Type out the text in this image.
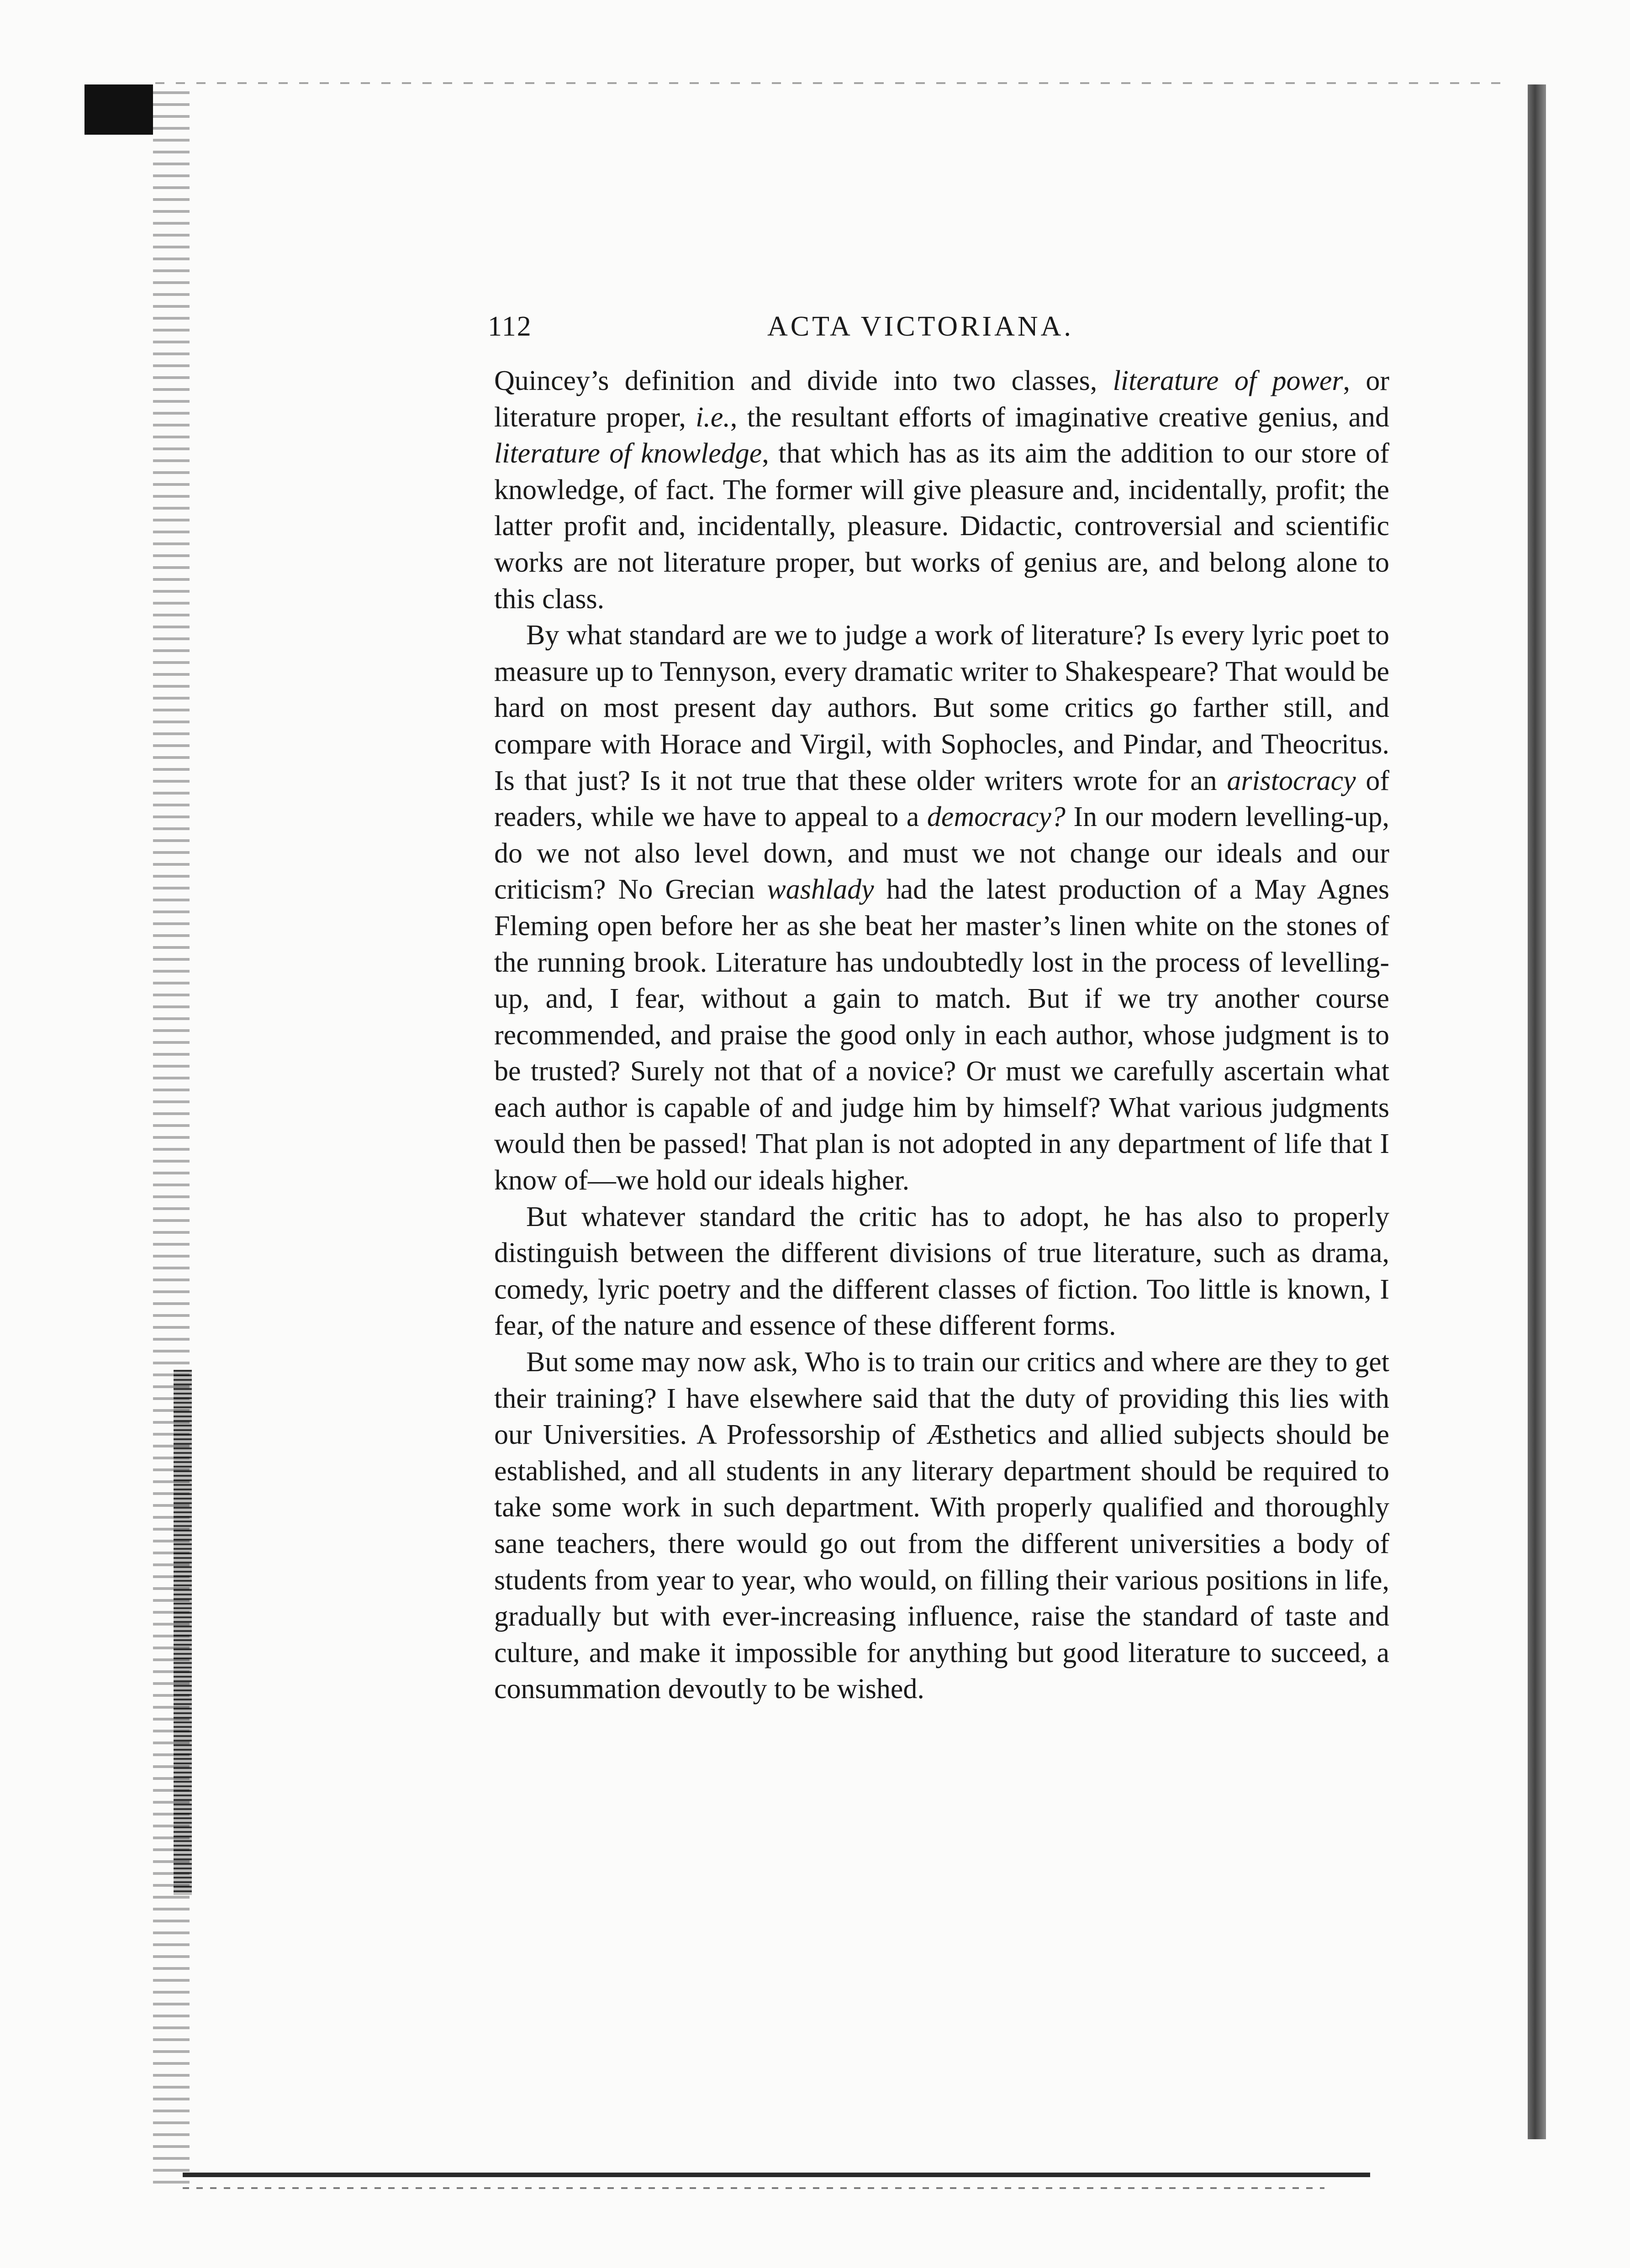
112	ACTA VICTORIANA.

Quincey’s definition and divide into two classes, literature of power, or literature proper, i.e., the resultant efforts of imaginative creative genius, and literature of knowledge, that which has as its aim the addition to our store of knowledge, of fact. The former will give pleasure and, incidentally, profit; the latter profit and, incidentally, pleasure. Didactic, controversial and scientific works are not literature proper, but works of genius are, and belong alone to this class.

By what standard are we to judge a work of literature? Is every lyric poet to measure up to Tennyson, every dramatic writer to Shakespeare? That would be hard on most present day authors. But some critics go farther still, and compare with Horace and Virgil, with Sophocles, and Pindar, and Theocritus. Is that just? Is it not true that these older writers wrote for an aristocracy of readers, while we have to appeal to a democracy? In our modern levelling-up, do we not also level down, and must we not change our ideals and our criticism? No Grecian washlady had the latest production of a May Agnes Fleming open before her as she beat her master’s linen white on the stones of the running brook. Literature has undoubtedly lost in the process of levelling-up, and, I fear, without a gain to match. But if we try another course recommended, and praise the good only in each author, whose judgment is to be trusted? Surely not that of a novice? Or must we carefully ascertain what each author is capable of and judge him by himself? What various judgments would then be passed! That plan is not adopted in any department of life that I know of—we hold our ideals higher.

But whatever standard the critic has to adopt, he has also to properly distinguish between the different divisions of true literature, such as drama, comedy, lyric poetry and the different classes of fiction. Too little is known, I fear, of the nature and essence of these different forms.

But some may now ask, Who is to train our critics and where are they to get their training? I have elsewhere said that the duty of providing this lies with our Universities. A Professorship of Æsthetics and allied subjects should be established, and all students in any literary department should be required to take some work in such department. With properly qualified and thoroughly sane teachers, there would go out from the different universities a body of students from year to year, who would, on filling their various positions in life, gradually but with ever-increasing influence, raise the standard of taste and culture, and make it impossible for anything but good literature to succeed, a consummation devoutly to be wished.
